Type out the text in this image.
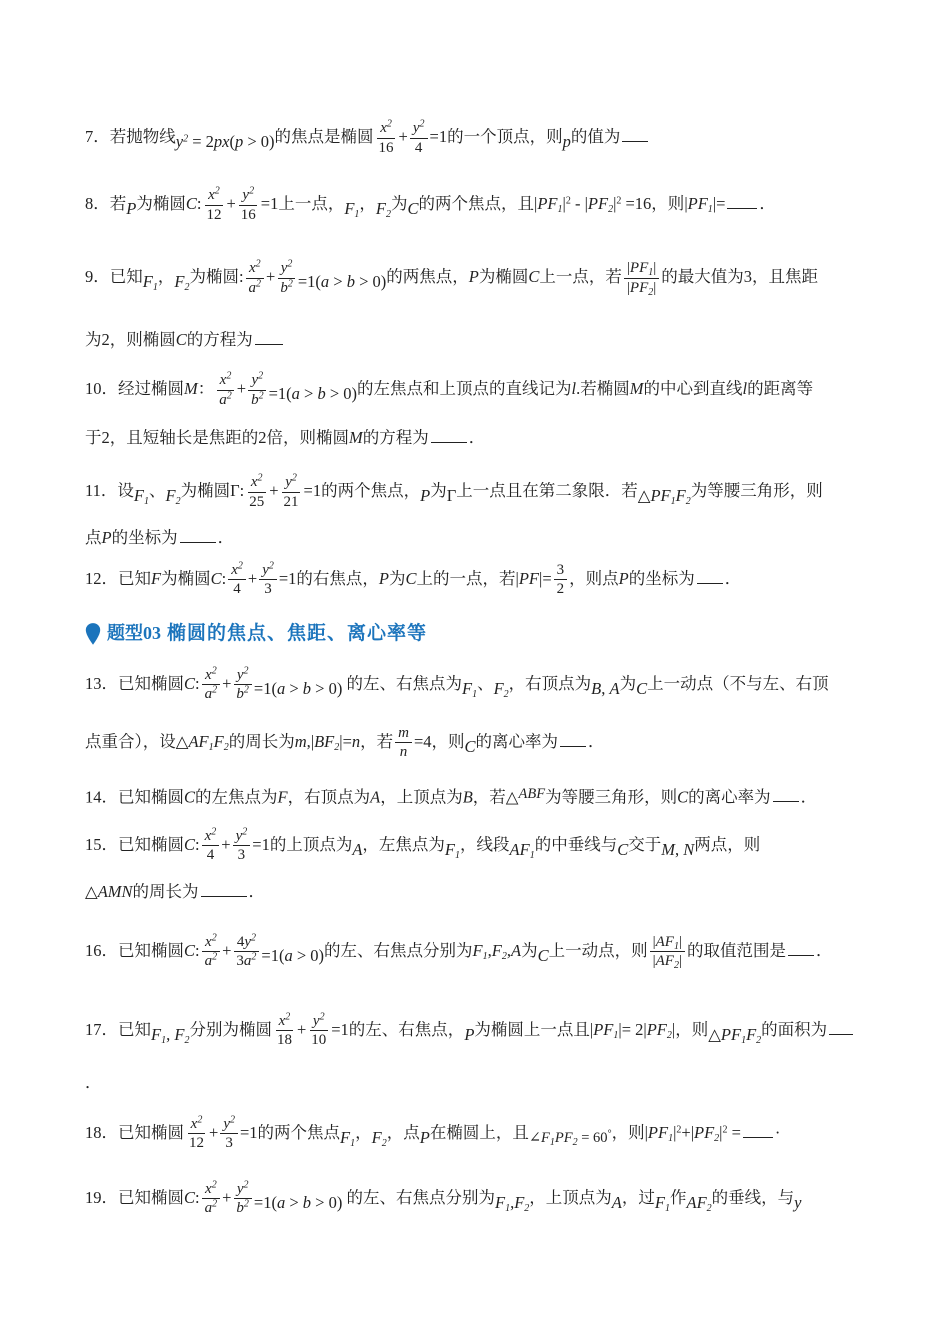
7．若抛物线$y^2 = 2px(p > 0)$的焦点是椭圆 $\frac{x^2}{16} + \frac{y^2}{4} =1$的一个顶点，则p的值为
8．若P为椭圆C: $\frac{x^2}{12} + \frac{y^2}{16} =1$上一点，$F_1$，$F_2$为C的两个焦点，且$|PF_1|^2 - |PF_2|^2 =16$，则$|PF_1|=$ ．
9．已知$F_1$，$F_2$为椭圆: $\frac{x^2}{a^2} + \frac{y^2}{b^2} =1(a > b > 0)$的两焦点，P为椭圆C上一点，若 $\frac{|PF_1|}{|PF_2|}$ 的最大值为3，且焦距
为2，则椭圆C的方程为
10．经过椭圆M： $\frac{x^2}{a^2} + \frac{y^2}{b^2} =1(a > b > 0)$的左焦点和上顶点的直线记为l.若椭圆M的中心到直线l的距离等
于2，且短轴长是焦距的2倍，则椭圆M的方程为 ．
11．设$F_1$、$F_2$为椭圆Γ: $\frac{x^2}{25} + \frac{y^2}{21} =1$的两个焦点，P为Γ上一点且在第二象限．若$\triangle PF_1F_2$为等腰三角形，则
点P的坐标为 ．
12．已知F为椭圆C: $\frac{x^2}{4} + \frac{y^2}{3} =1$的右焦点，P为C上的一点，若$|PF|= \frac{3}{2}$ ，则点P的坐标为 ．
题型03 椭圆的焦点、焦距、离心率等
13．已知椭圆C: $\frac{x^2}{a^2} + \frac{y^2}{b^2} =1(a > b > 0)$ 的左、右焦点为$F_1$、$F_2$，右顶点为B, A为C上一动点（不与左、右顶
点重合），设$\triangle AF_1F_2$的周长为$m,|BF_2|=n$，若 $\frac{m}{n} =4$，则C的离心率为 ．
14．已知椭圆C的左焦点为F，右顶点为A，上顶点为B，若△ABF为等腰三角形，则C的离心率为 ．
15．已知椭圆C: $\frac{x^2}{4} + \frac{y^2}{3} =1$的上顶点为A，左焦点为$F_1$，线段$AF_1$的中垂线与C交于M, N两点，则
△AMN的周长为	．
16．已知椭圆C: $\frac{x^2}{a^2} + \frac{4y^2}{3a^2} =1(a > 0)$的左、右焦点分别为$F_1,F_2,A$为C上一动点，则 $\frac{|AF_1|}{|AF_2|}$ 的取值范围是 ．
17．已知$F_1$, $F_2$分别为椭圆 $\frac{x^2}{18} + \frac{y^2}{10} =1$的左、右焦点，P为椭圆上一点且$|PF_1|= 2|PF_2|$，则$\triangle PF_1F_2$的面积为
．
18．已知椭圆 $\frac{x^2}{12} + \frac{y^2}{3} =1$的两个焦点$F_1$，$F_2$，点P在椭圆上，且$\angle F_1PF_2 = 60^\circ$，则$|PF_1|^2+|PF_2|^2$ = ·
19．已知椭圆C: $\frac{x^2}{a^2} + \frac{y^2}{b^2} =1(a > b > 0)$ 的左、右焦点分别为$F_1,F_2$，上顶点为A，过$F_1$作$AF_2$的垂线，与y
